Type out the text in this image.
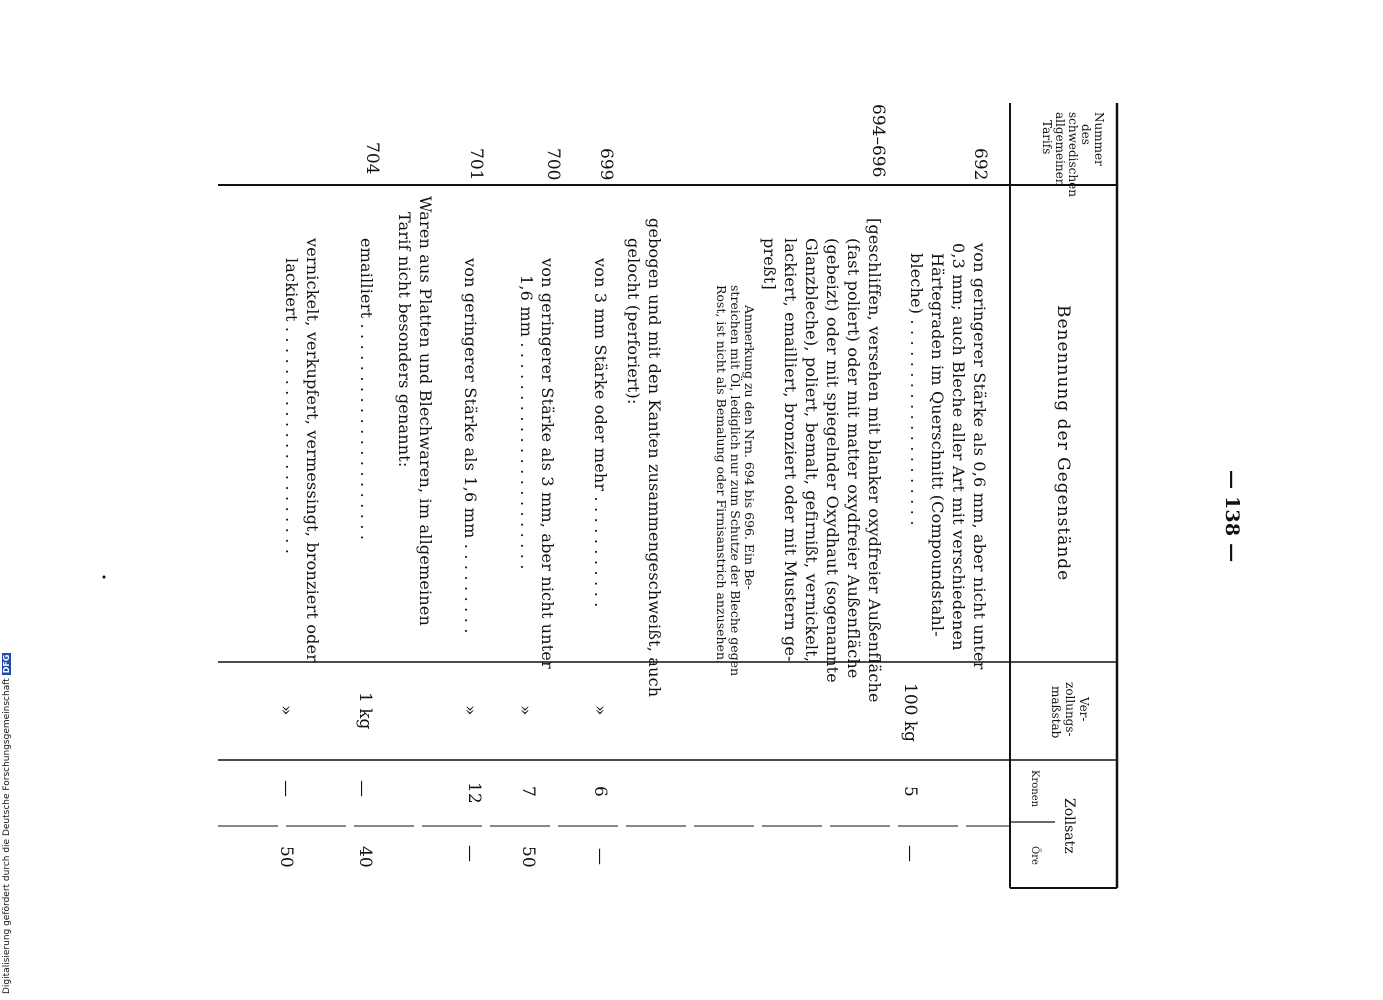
— 138 —
Nummer
des
schwedischen
allgemeinen
Tarifs
Benennung der Gegenstände
Ver-
zollungs-
maßstab
Zollsatz
Kronen
Öre
692
von geringerer Stärke als 0,6 mm, aber nicht unter
0,3 mm; auch Bleche aller Art mit verschiedenen
Härtegraden im Querschnitt (Compoundstahl-
bleche) . . . . . . . . . . . . . . . . . . . .
100 kg
5
—
694–696
[geschliffen, versehen mit blanker oxydfreier Außenfläche
(fast poliert) oder mit matter oxydfreier Außenfläche
(gebeizt) oder mit spiegelnder Oxydhaut (sogenannte
Glanzbleche), poliert, bemalt, gefirnißt, vernickelt,
lackiert, emailliert, bronziert oder mit Mustern ge-
preßt]
Anmerkung zu den Nrn. 694 bis 696. Ein Be-
streichen mit Öl, lediglich nur zum Schutze der Bleche gegen
Rost, ist nicht als Bemalung oder Firnisanstrich anzusehen.
gebogen und mit den Kanten zusammengeschweißt, auch
gelocht (perforiert):
699
von 3 mm Stärke oder mehr . . . . . . . . . . .
»
6
—
700
von geringerer Stärke als 3 mm, aber nicht unter
1,6 mm . . . . . . . . . . . . . . . . . . . . . .
»
7
50
701
von geringerer Stärke als 1,6 mm . . . . . . . . .
»
12
—
Waren aus Platten und Blechwaren, im allgemeinen
Tarif nicht besonders genannt:
704
emailliert . . . . . . . . . . . . . . . . . . . . .
1 kg
—
40
vernickelt, verkupfert, vermessingt, bronziert oder
lackiert . . . . . . . . . . . . . . . . . . . . . .
»
—
50
Digitalisierung gefördert durch die Deutsche ForschungsgemeinschaftDFG
